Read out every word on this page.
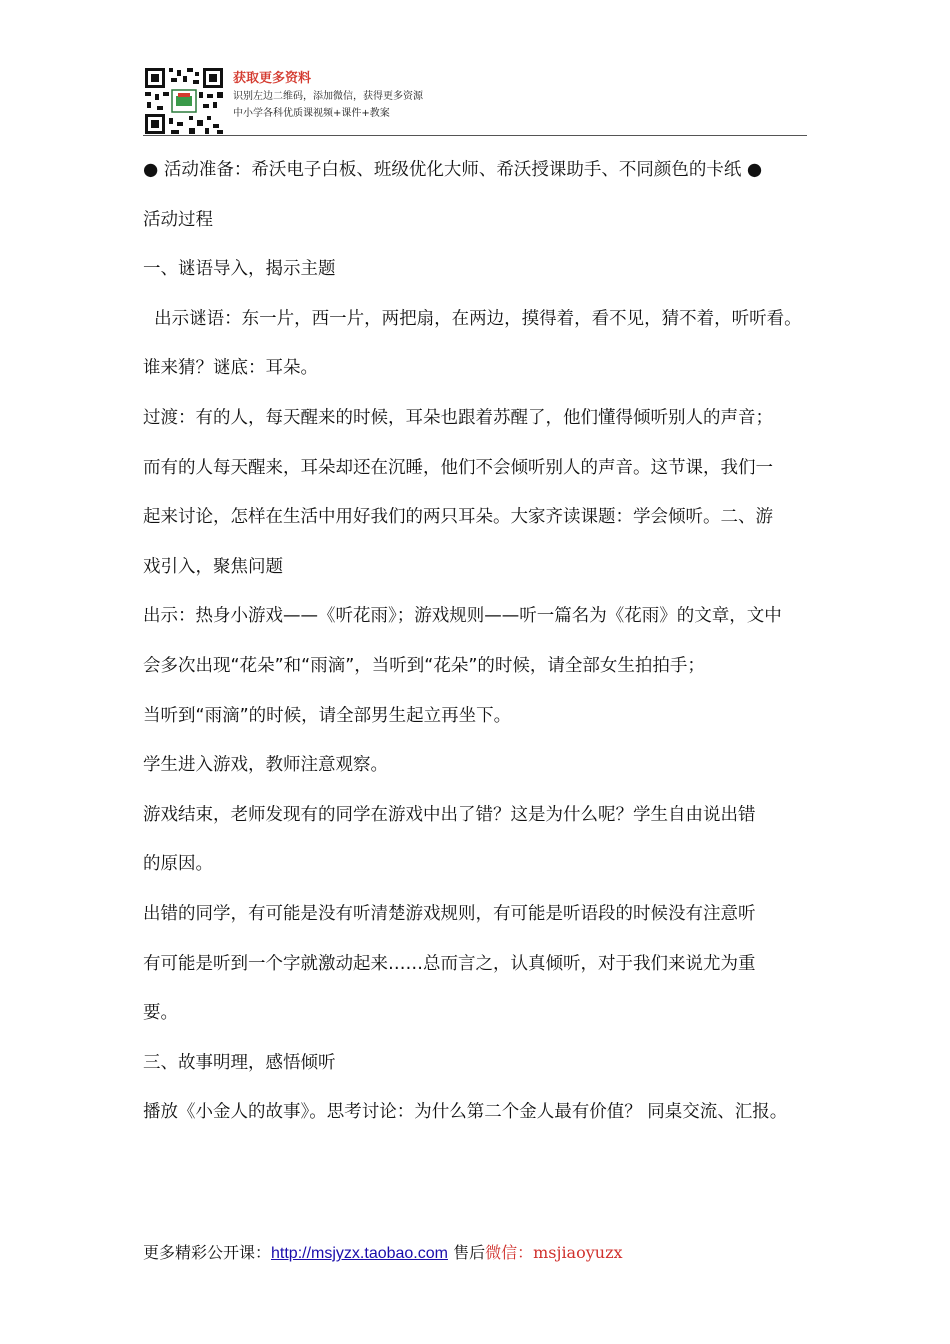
获取更多资料
识别左边二维码，添加微信，获得更多资源
中小学各科优质课视频+课件+教案
● 活动准备：希沃电子白板、班级优化大师、希沃授课助手、不同颜色的卡纸 ●
活动过程
一、谜语导入，揭示主题
出示谜语：东一片，西一片，两把扇，在两边，摸得着，看不见，猜不着，听听看。
谁来猜？谜底：耳朵。
过渡：有的人，每天醒来的时候，耳朵也跟着苏醒了，他们懂得倾听别人的声音；
而有的人每天醒来，耳朵却还在沉睡，他们不会倾听别人的声音。这节课，我们一
起来讨论，怎样在生活中用好我们的两只耳朵。大家齐读课题：学会倾听。二、游
戏引入，聚焦问题
出示：热身小游戏——《听花雨》；游戏规则——听一篇名为《花雨》的文章，文中
会多次出现“花朵”和“雨滴”，当听到“花朵”的时候，请全部女生拍拍手；
当听到“雨滴”的时候，请全部男生起立再坐下。
学生进入游戏，教师注意观察。
游戏结束，老师发现有的同学在游戏中出了错？这是为什么呢？学生自由说出错
的原因。
出错的同学，有可能是没有听清楚游戏规则，有可能是听语段的时候没有注意听
有可能是听到一个字就激动起来……总而言之，认真倾听，对于我们来说尤为重
要。
三、故事明理，感悟倾听
播放《小金人的故事》。思考讨论：为什么第二个金人最有价值？ 同桌交流、汇报。
更多精彩公开课：http://msjyzx.taobao.com 售后微信：msjiaoyuzx
